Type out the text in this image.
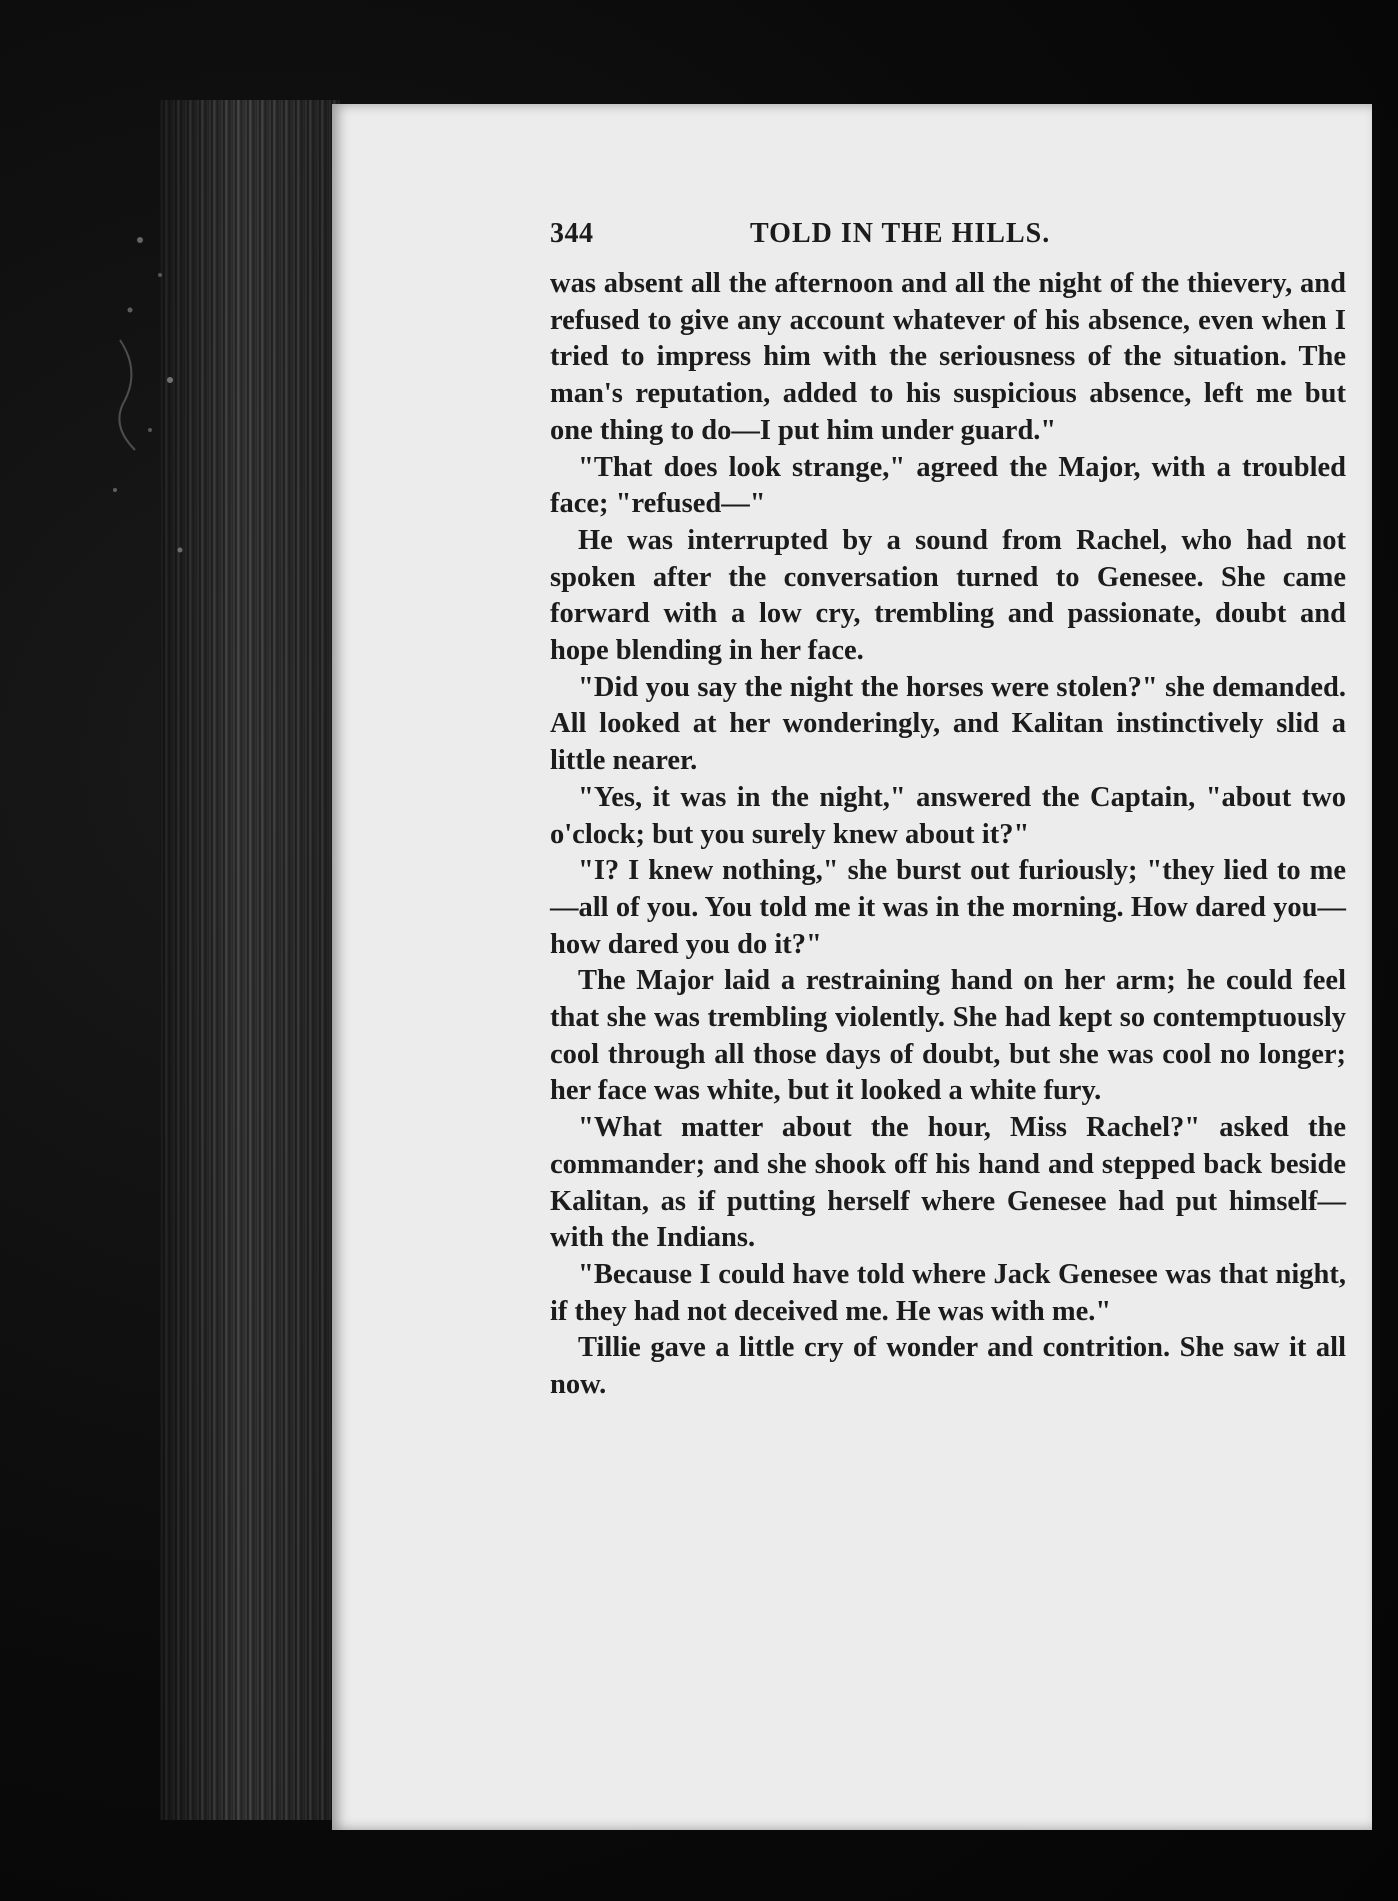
344	TOLD IN THE HILLS.

was absent all the afternoon and all the night of the thievery, and refused to give any account whatever of his absence, even when I tried to impress him with the seriousness of the situation. The man's reputation, added to his suspicious absence, left me but one thing to do—I put him under guard."

"That does look strange," agreed the Major, with a troubled face; "refused—"

He was interrupted by a sound from Rachel, who had not spoken after the conversation turned to Genesee. She came forward with a low cry, trembling and passionate, doubt and hope blending in her face.

"Did you say the night the horses were stolen?" she demanded. All looked at her wonderingly, and Kalitan instinctively slid a little nearer.

"Yes, it was in the night," answered the Captain, "about two o'clock; but you surely knew about it?"

"I? I knew nothing," she burst out furiously; "they lied to me—all of you. You told me it was in the morning. How dared you—how dared you do it?"

The Major laid a restraining hand on her arm; he could feel that she was trembling violently. She had kept so contemptuously cool through all those days of doubt, but she was cool no longer; her face was white, but it looked a white fury.

"What matter about the hour, Miss Rachel?" asked the commander; and she shook off his hand and stepped back beside Kalitan, as if putting herself where Genesee had put himself—with the Indians.

"Because I could have told where Jack Genesee was that night, if they had not deceived me. He was with me."

Tillie gave a little cry of wonder and contrition. She saw it all now.
